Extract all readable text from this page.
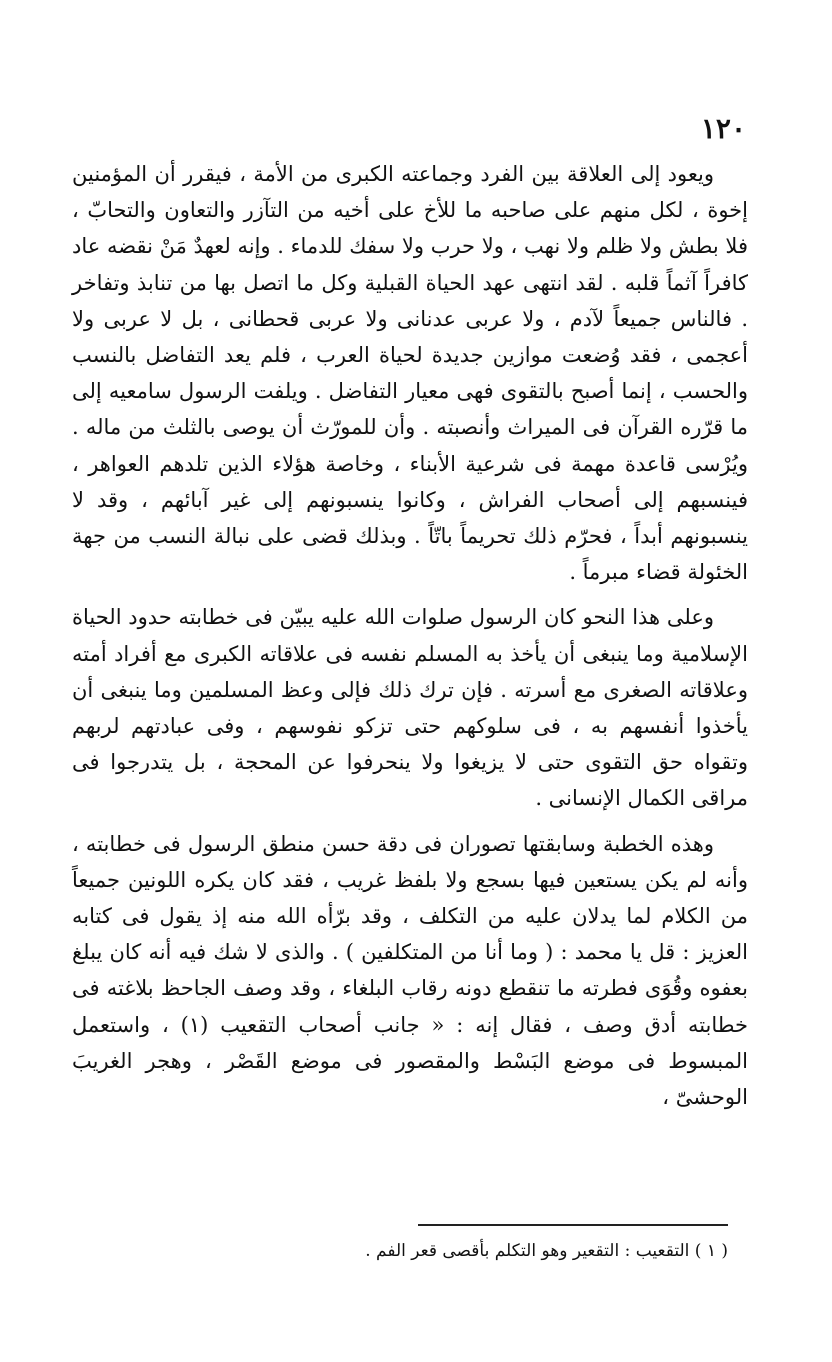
١٢٠

ويعود إلى العلاقة بين الفرد وجماعته الكبرى من الأمة ، فيقرر أن المؤمنين إخوة ، لكل منهم على صاحبه ما للأخ على أخيه من التآزر والتعاون والتحابّ ، فلا بطش ولا ظلم ولا نهب ، ولا حرب ولا سفك للدماء . وإنه لعهدٌ مَنْ نقضه عاد كافراً آثماً قلبه . لقد انتهى عهد الحياة القبلية وكل ما اتصل بها من تنابذ وتفاخر . فالناس جميعاً لآدم ، ولا عربى عدنانى ولا عربى قحطانى ، بل لا عربى ولا أعجمى ، فقد وُضعت موازين جديدة لحياة العرب ، فلم يعد التفاضل بالنسب والحسب ، إنما أصبح بالتقوى فهى معيار التفاضل . ويلفت الرسول سامعيه إلى ما قرّره القرآن فى الميراث وأنصبته . وأن للمورّث أن يوصى بالثلث من ماله . ويُرْسى قاعدة مهمة فى شرعية الأبناء ، وخاصة هؤلاء الذين تلدهم العواهر ، فينسبهم إلى أصحاب الفراش ، وكانوا ينسبونهم إلى غير آبائهم ، وقد لا ينسبونهم أبداً ، فحرّم ذلك تحريماً باتّاً . وبذلك قضى على نبالة النسب من جهة الخئولة قضاء مبرماً .

وعلى هذا النحو كان الرسول صلوات الله عليه يبيّن فى خطابته حدود الحياة الإسلامية وما ينبغى أن يأخذ به المسلم نفسه فى علاقاته الكبرى مع أفراد أمته وعلاقاته الصغرى مع أسرته . فإن ترك ذلك فإلى وعظ المسلمين وما ينبغى أن يأخذوا أنفسهم به ، فى سلوكهم حتى تزكو نفوسهم ، وفى عبادتهم لربهم وتقواه حق التقوى حتى لا يزيغوا ولا ينحرفوا عن المحجة ، بل يتدرجوا فى مراقى الكمال الإنسانى .

وهذه الخطبة وسابقتها تصوران فى دقة حسن منطق الرسول فى خطابته ، وأنه لم يكن يستعين فيها بسجع ولا بلفظ غريب ، فقد كان يكره اللونين جميعاً من الكلام لما يدلان عليه من التكلف ، وقد برّأه الله منه إذ يقول فى كتابه العزيز : قل يا محمد : ( وما أنا من المتكلفين ) . والذى لا شك فيه أنه كان يبلغ بعفوه وقُوَى فطرته ما تنقطع دونه رقاب البلغاء ، وقد وصف الجاحظ بلاغته فى خطابته أدق وصف ، فقال إنه : « جانب أصحاب التقعيب (١) ، واستعمل المبسوط فى موضع البَسْط والمقصور فى موضع القَصْر ، وهجر الغريبَ الوحشىّ ،

( ١ ) التقعيب : التقعير وهو التكلم بأقصى قعر الفم .
